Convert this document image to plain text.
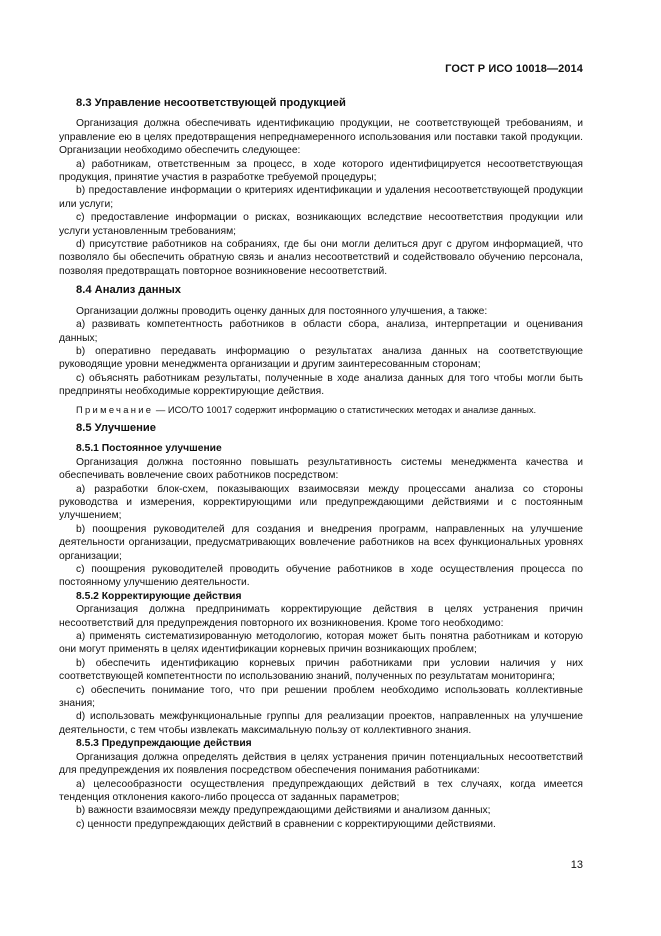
ГОСТ Р ИСО 10018—2014
8.3 Управление несоответствующей продукцией

Организация должна обеспечивать идентификацию продукции, не соответствующей требованиям, и управление ею в целях предотвращения непреднамеренного использования или поставки такой продукции. Организации необходимо обеспечить следующее:

а) работникам, ответственным за процесс, в ходе которого идентифицируется несоответствующая продукция, принятие участия в разработке требуемой процедуры;

b) предоставление информации о критериях идентификации и удаления несоответствующей продукции или услуги;

c) предоставление информации о рисках, возникающих вследствие несоответствия продукции или услуги установленным требованиям;

d) присутствие работников на собраниях, где бы они могли делиться друг с другом информацией, что позволяло бы обеспечить обратную связь и анализ несоответствий и содействовало обучению персонала, позволяя предотвращать повторное возникновение несоответствий.

8.4 Анализ данных

Организации должны проводить оценку данных для постоянного улучшения, а также:

а) развивать компетентность работников в области сбора, анализа, интерпретации и оценивания данных;

b) оперативно передавать информацию о результатах анализа данных на соответствующие руководящие уровни менеджмента организации и другим заинтересованным сторонам;

c) объяснять работникам результаты, полученные в ходе анализа данных для того чтобы могли быть предприняты необходимые корректирующие действия.

Примечание — ИСО/ТО 10017 содержит информацию о статистических методах и анализе данных.

8.5 Улучшение
8.5.1 Постоянное улучшение

Организация должна постоянно повышать результативность системы менеджмента качества и обеспечивать вовлечение своих работников посредством:

а) разработки блок-схем, показывающих взаимосвязи между процессами анализа со стороны руководства и измерения, корректирующими или предупреждающими действиями и с постоянным улучшением;

b) поощрения руководителей для создания и внедрения программ, направленных на улучшение деятельности организации, предусматривающих вовлечение работников на всех функциональных уровнях организации;

c) поощрения руководителей проводить обучение работников в ходе осуществления процесса по постоянному улучшению деятельности.

8.5.2 Корректирующие действия

Организация должна предпринимать корректирующие действия в целях устранения причин несоответствий для предупреждения повторного их возникновения. Кроме того необходимо:

а) применять систематизированную методологию, которая может быть понятна работникам и которую они могут применять в целях идентификации корневых причин возникающих проблем;

b) обеспечить идентификацию корневых причин работниками при условии наличия у них соответствующей компетентности по использованию знаний, полученных по результатам мониторинга;

c) обеспечить понимание того, что при решении проблем необходимо использовать коллективные знания;

d) использовать межфункциональные группы для реализации проектов, направленных на улучшение деятельности, с тем чтобы извлекать максимальную пользу от коллективного знания.

8.5.3 Предупреждающие действия

Организация должна определять действия в целях устранения причин потенциальных несоответствий для предупреждения их появления посредством обеспечения понимания работниками:

а) целесообразности осуществления предупреждающих действий в тех случаях, когда имеется тенденция отклонения какого-либо процесса от заданных параметров;

b) важности взаимосвязи между предупреждающими действиями и анализом данных;

c) ценности предупреждающих действий в сравнении с корректирующими действиями.

13
